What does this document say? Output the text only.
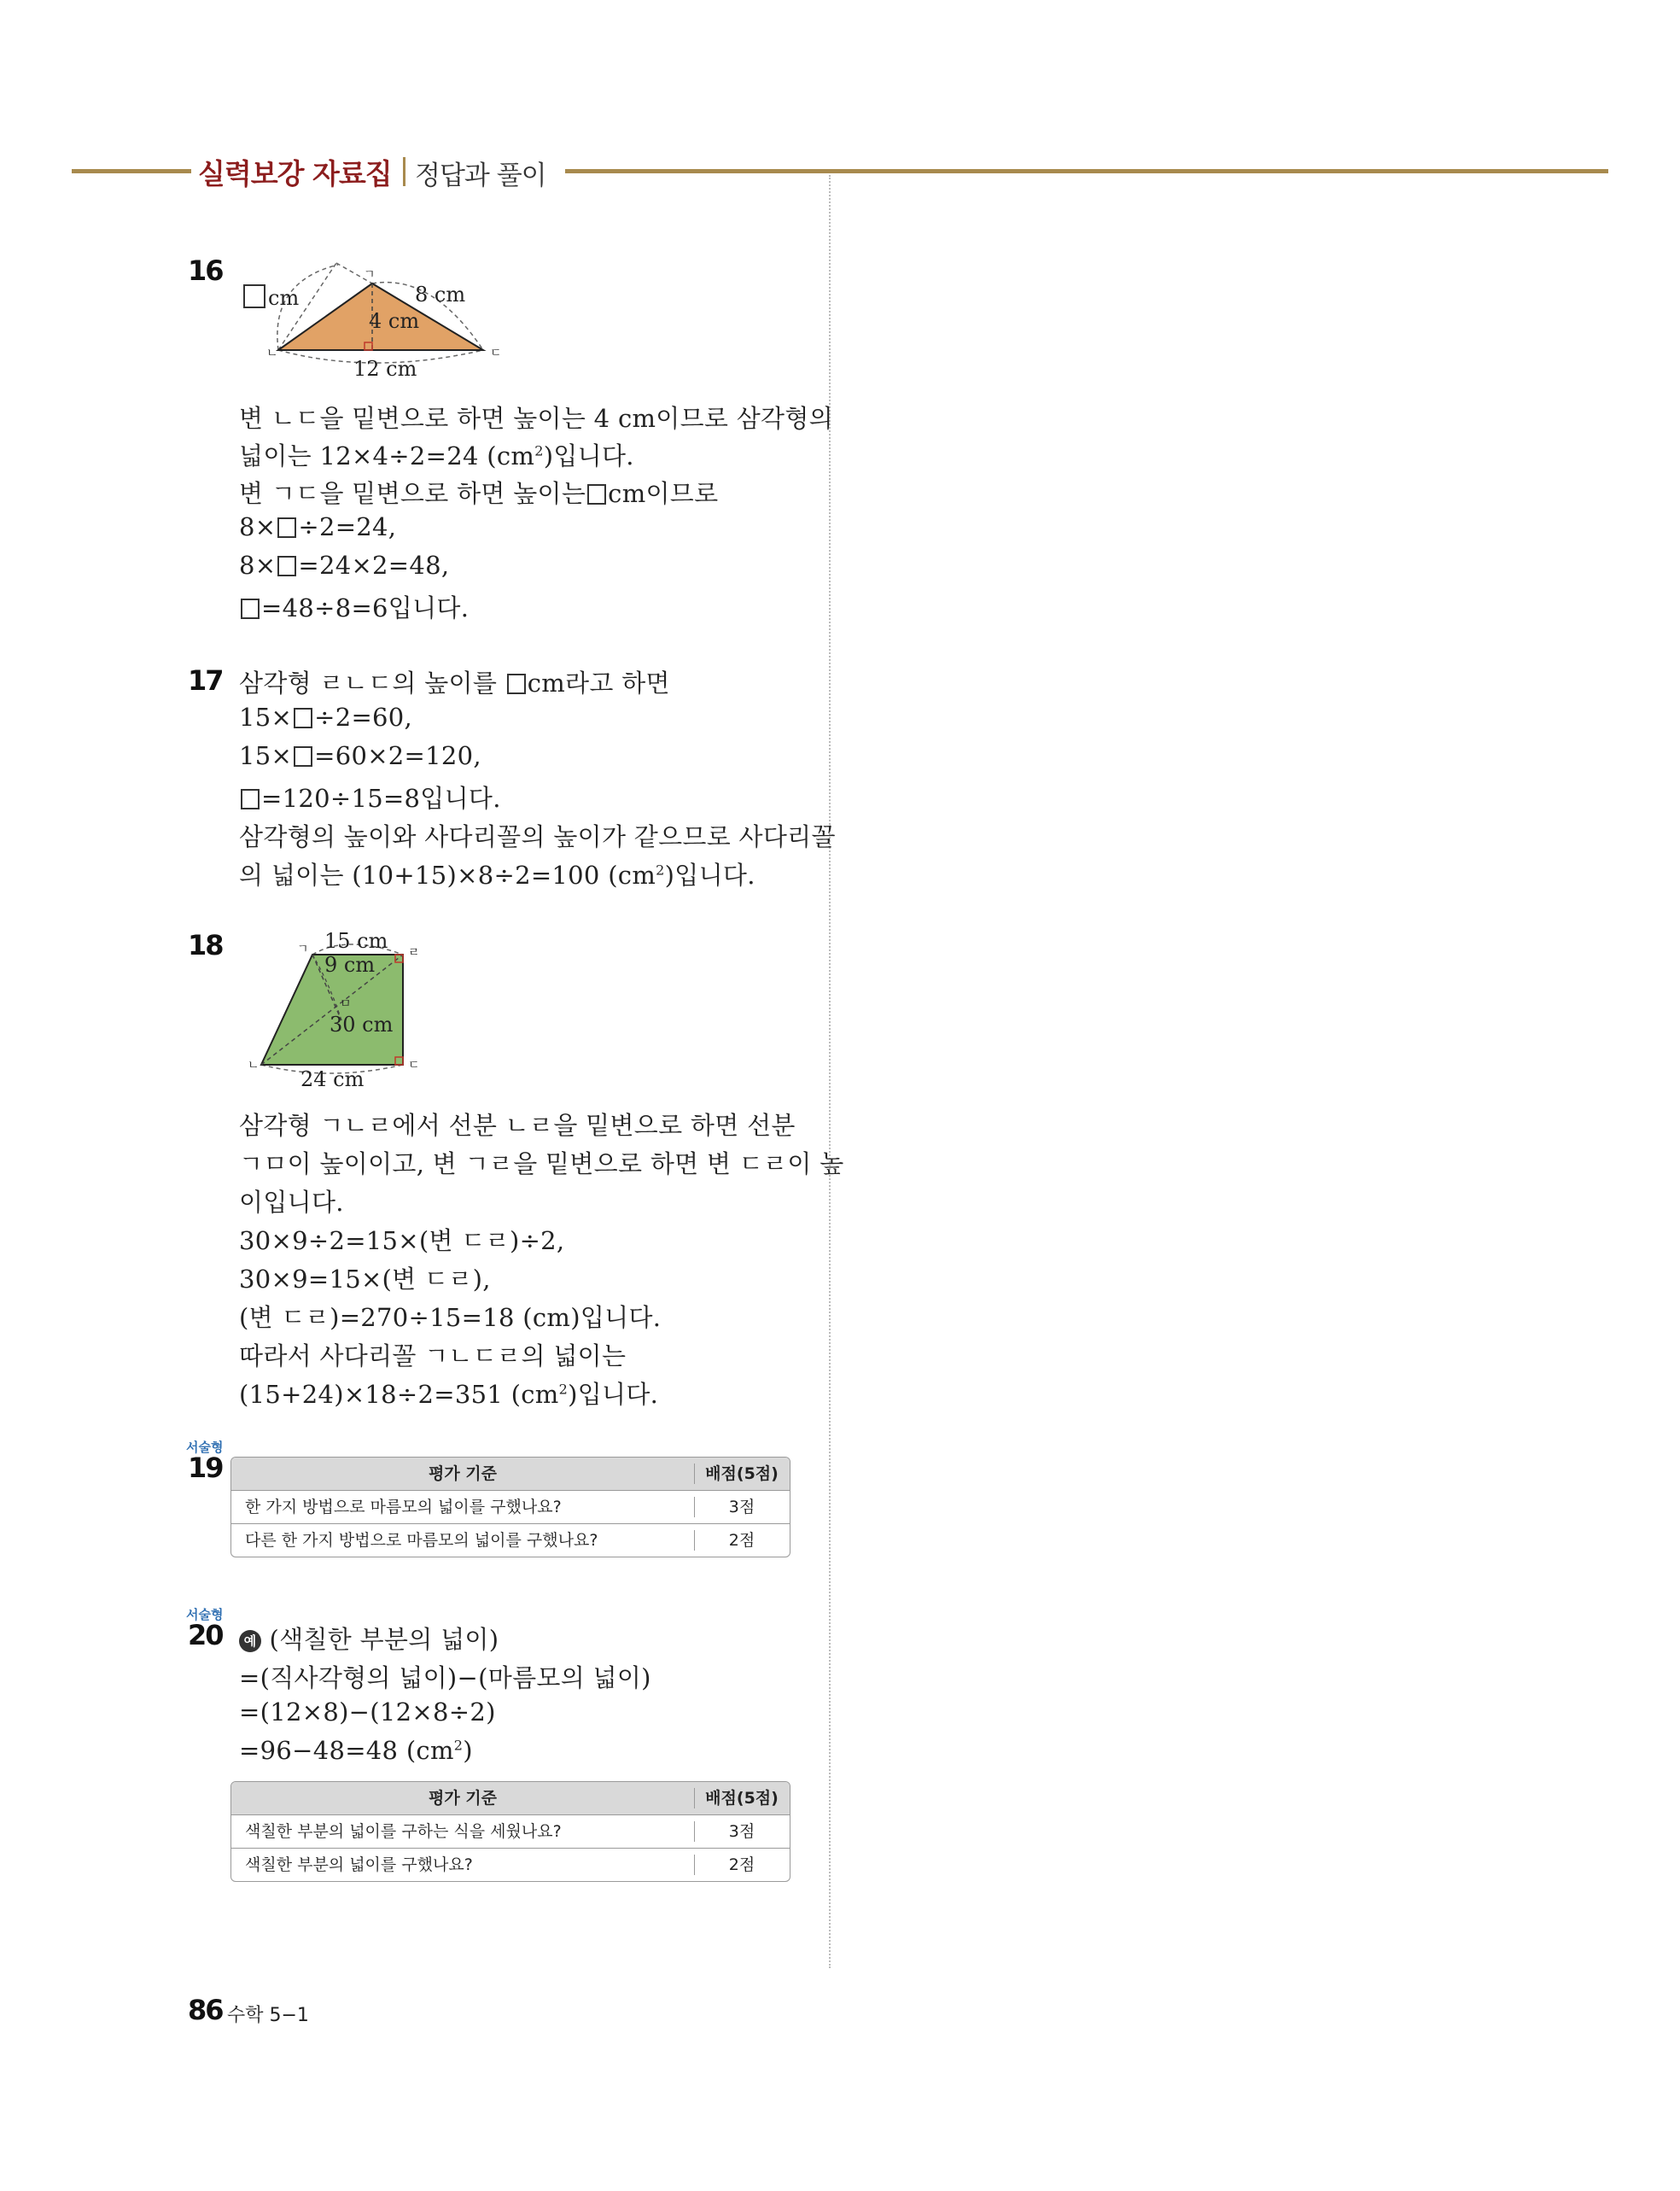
실력보강 자료집 정답과 풀이
16
cm	8 cm
4 cm
12 cm
ㄱ
ㄴ	ㄷ
변 ㄴㄷ을 밑변으로 하면 높이는 4 cm이므로 삼각형의
넓이는 12×4÷2=24 $(cm^2)$입니다.
변 ㄱㄷ을 밑변으로 하면 높이는 cm이므로
8× ÷2=24,
8× =24×2=48,
=48÷8=6입니다.
17 삼각형 ㄹㄴㄷ의 높이를 cm라고 하면
15× ÷2=60,
15× =60×2=120,
=120÷15=8입니다.
삼각형의 높이와 사다리꼴의 높이가 같으므로 사다리꼴
의 넓이는 (10+15)×8÷2=100 $(cm^2)$입니다.
18	15 cm
9 cm
30 cm
24 cm
ㄱ
ㄴ	ㄷ
ㄹ
ㅁ
삼각형 ㄱㄴㄹ에서 선분 ㄴㄹ을 밑변으로 하면 선분
ㄱㅁ이 높이이고, 변 ㄱㄹ을 밑변으로 하면 변 ㄷㄹ이 높
이입니다.
30×9÷2=15×(변 ㄷㄹ)÷2,
30×9=15×(변 ㄷㄹ),
(변 ㄷㄹ)=270÷15=18 (cm)입니다.
따라서 사다리꼴 ㄱㄴㄷㄹ의 넓이는
(15+24)×18÷2=351 $(cm^2)$입니다.
서술형
19	평가 기준	배점(5점)
한 가지 방법으로 마름모의 넓이를 구했나요?	3점
다른 한 가지 방법으로 마름모의 넓이를 구했나요?	2점
서술형
20	예 (색칠한 부분의 넓이)
=(직사각형의 넓이)−(마름모의 넓이)
=(12×8)−(12×8÷2)
=96−48=48 $(cm^2)$
평가 기준	배점(5점)
색칠한 부분의 넓이를 구하는 식을 세웠나요?	3점
색칠한 부분의 넓이를 구했나요?	2점
86 수학 5−1
